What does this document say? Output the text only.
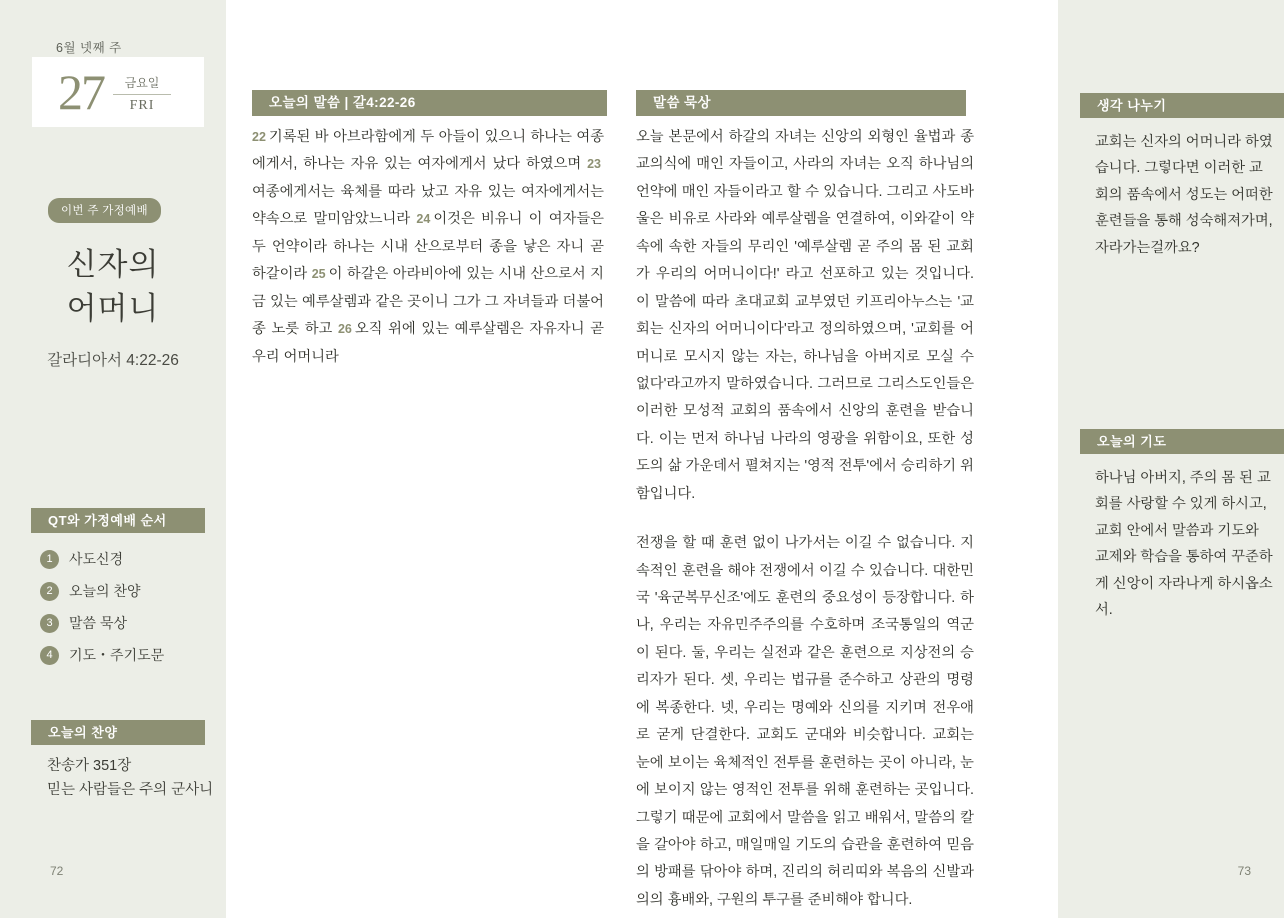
6월 넷째 주
27	금요일
FRI
이번 주 가정예배
신자의
어머니
갈라디아서 4:22-26
QT와 가정예배 순서
1	사도신경
2	오늘의 찬양
3	말씀 묵상
4	기도・주기도문
오늘의 찬양
찬송가 351장
믿는 사람들은 주의 군사니
72
오늘의 말씀 | 갈4:22-26
22 기록된 바 아브라함에게 두 아들이 있으니 하나는 여종에게서, 하나는 자유 있는 여자에게서 났다 하였으며 23여종에게서는 육체를 따라 났고 자유 있는 여자에게서는 약속으로 말미암았느니라 24 이것은 비유니 이 여자들은 두 언약이라 하나는 시내 산으로부터 종을 낳은 자니 곧 하갈이라 25 이 하갈은 아라비아에 있는 시내 산으로서 지금 있는 예루살렘과 같은 곳이니 그가 그 자녀들과 더불어 종 노릇 하고 26 오직 위에 있는 예루살렘은 자유자니 곧 우리 어머니라
말씀 묵상

오늘 본문에서 하갈의 자녀는 신앙의 외형인 율법과 종교의식에 매인 자들이고, 사라의 자녀는 오직 하나님의 언약에 매인 자들이라고 할 수 있습니다. 그리고 사도바울은 비유로 사라와 예루살렘을 연결하여, 이와같이 약속에 속한 자들의 무리인 '예루살렘 곧 주의 몸 된 교회가 우리의 어머니이다!' 라고 선포하고 있는 것입니다. 이 말씀에 따라 초대교회 교부였던 키프리아누스는 '교회는 신자의 어머니이다'라고 정의하였으며, '교회를 어머니로 모시지 않는 자는, 하나님을 아버지로 모실 수 없다'라고까지 말하였습니다. 그러므로 그리스도인들은 이러한 모성적 교회의 품속에서 신앙의 훈련을 받습니다. 이는 먼저 하나님 나라의 영광을 위함이요, 또한 성도의 삶 가운데서 펼쳐지는 '영적 전투'에서 승리하기 위함입니다.

전쟁을 할 때 훈련 없이 나가서는 이길 수 없습니다. 지속적인 훈련을 해야 전쟁에서 이길 수 있습니다. 대한민국 '육군복무신조'에도 훈련의 중요성이 등장합니다. 하나, 우리는 자유민주주의를 수호하며 조국통일의 역군이 된다. 둘, 우리는 실전과 같은 훈련으로 지상전의 승리자가 된다. 셋, 우리는 법규를 준수하고 상관의 명령에 복종한다. 넷, 우리는 명예와 신의를 지키며 전우애로 굳게 단결한다. 교회도 군대와 비슷합니다. 교회는 눈에 보이는 육체적인 전투를 훈련하는 곳이 아니라, 눈에 보이지 않는 영적인 전투를 위해 훈련하는 곳입니다. 그렇기 때문에 교회에서 말씀을 읽고 배워서, 말씀의 칼을 갈아야 하고, 매일매일 기도의 습관을 훈련하여 믿음의 방패를 닦아야 하며, 진리의 허리띠와 복음의 신발과 의의 흉배와, 구원의 투구를 준비해야 합니다.

생각 나누기
교회는 신자의 어머니라 하였습니다. 그렇다면 이러한 교회의 품속에서 성도는 어떠한 훈련들을 통해 성숙해져가며, 자라가는걸까요?
오늘의 기도
하나님 아버지, 주의 몸 된 교회를 사랑할 수 있게 하시고, 교회 안에서 말씀과 기도와 교제와 학습을 통하여 꾸준하게 신앙이 자라나게 하시옵소서.
73
